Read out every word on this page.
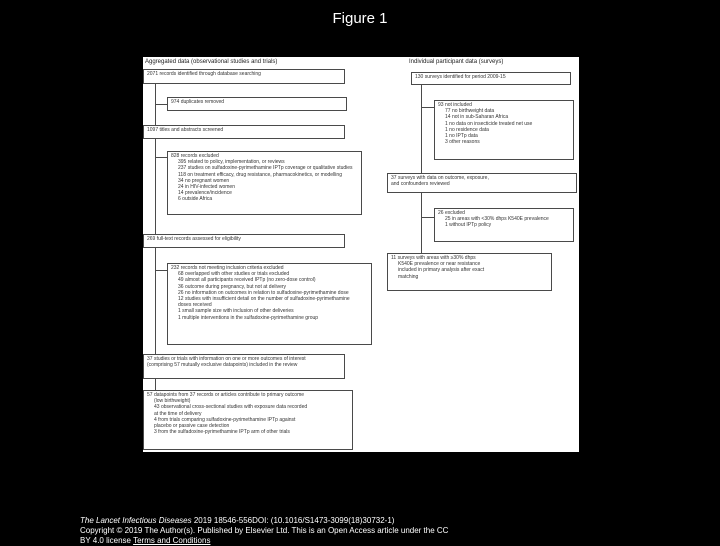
Figure 1
Aggregated data (observational studies and trials)	Individual participant data (surveys)
2071 records identified through database searching
974 duplicates removed
1097 titles and abstracts screened
828 records excluded
395 related to policy, implementation, or reviews
237 studies on sulfadoxine-pyrimethamine IPTp coverage or qualitative studies
118 on treatment efficacy, drug resistance, pharmacokinetics, or modelling
34 no pregnant women
24 in HIV-infected women
14 prevalence/incidence
6 outside Africa
269 full-text records assessed for eligibility
232 records not meeting inclusion criteria excluded
68 overlapped with other studies or trials excluded
49 almost all participants received IPTp (no zero-dose control)
36 outcome during pregnancy, but not at delivery
26 no information on outcomes in relation to sulfadoxine-pyrimethamine dose
12 studies with insufficient detail on the number of sulfadoxine-pyrimethamine
doses received
1 small sample size with inclusion of other deliveries
1 multiple interventions in the sulfadoxine-pyrimethamine group
37 studies or trials with information on one or more outcomes of interest
(comprising 57 mutually exclusive datapoints) included in the review
57 datapoints from 37 records or articles contribute to primary outcome
(low birthweight)
43 observational cross-sectional studies with exposure data recorded
at the time of delivery
4 from trials comparing sulfadoxine-pyrimethamine IPTp against
placebo or passive case detection
3 from the sulfadoxine-pyrimethamine IPTp arm of other trials
130 surveys identified for period 2009-15
93 not included
77 no birthweight data
14 not in sub-Saharan Africa
1 no data on insecticide treated net use
1 no residence data
1 no IPTp data
3 other reasons
37 surveys with data on outcome, exposure,
and confounders reviewed
26 excluded
25 in areas with <30% dhps K540E prevalence
1 without IPTp policy
11 surveys with areas with ≥30% dhps
K540E prevalence or near resistance
included in primary analysis after exact
matching
The Lancet Infectious Diseases 2019 18546-556DOI: (10.1016/S1473-3099(18)30732-1)
Copyright © 2019 The Author(s). Published by Elsevier Ltd. This is an Open Access article under the CC
BY 4.0 license Terms and Conditions
